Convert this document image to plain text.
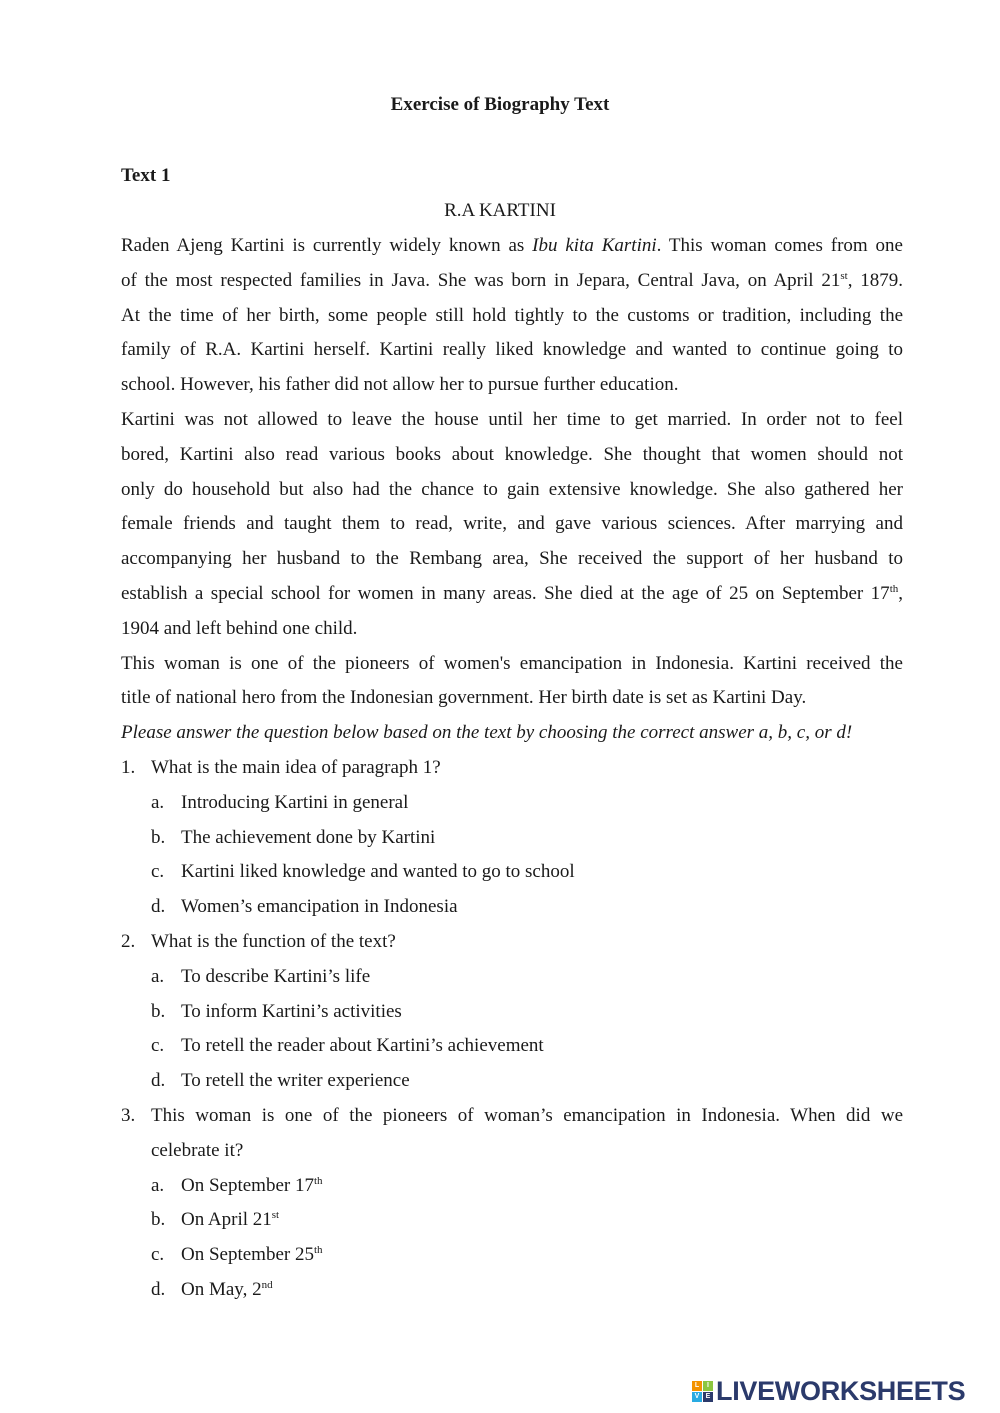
Exercise of Biography Text
Text 1
R.A KARTINI
Raden Ajeng Kartini is currently widely known as Ibu kita Kartini. This woman comes from one
of the most respected families in Java. She was born in Jepara, Central Java, on April 21st, 1879.
At the time of her birth, some people still hold tightly to the customs or tradition, including the
family of R.A. Kartini herself. Kartini really liked knowledge and wanted to continue going to
school. However, his father did not allow her to pursue further education.
Kartini was not allowed to leave the house until her time to get married. In order not to feel
bored, Kartini also read various books about knowledge. She thought that women should not
only do household but also had the chance to gain extensive knowledge. She also gathered her
female friends and taught them to read, write, and gave various sciences. After marrying and
accompanying her husband to the Rembang area, She received the support of her husband to
establish a special school for women in many areas. She died at the age of 25 on September 17th,
1904 and left behind one child.
This woman is one of the pioneers of women's emancipation in Indonesia. Kartini received the
title of national hero from the Indonesian government. Her birth date is set as Kartini Day.
Please answer the question below based on the text by choosing the correct answer a, b, c, or d!
1. What is the main idea of paragraph 1?
a. Introducing Kartini in general
b. The achievement done by Kartini
c. Kartini liked knowledge and wanted to go to school
d. Women’s emancipation in Indonesia
2. What is the function of the text?
a. To describe Kartini’s life
b. To inform Kartini’s activities
c. To retell the reader about Kartini’s achievement
d. To retell the writer experience
3. This woman is one of the pioneers of woman’s emancipation in Indonesia. When did we
celebrate it?
a. On September 17th
b. On April 21st
c. On September 25th
d. On May, 2nd
L	I
V E LIVEWORKSHEETS
